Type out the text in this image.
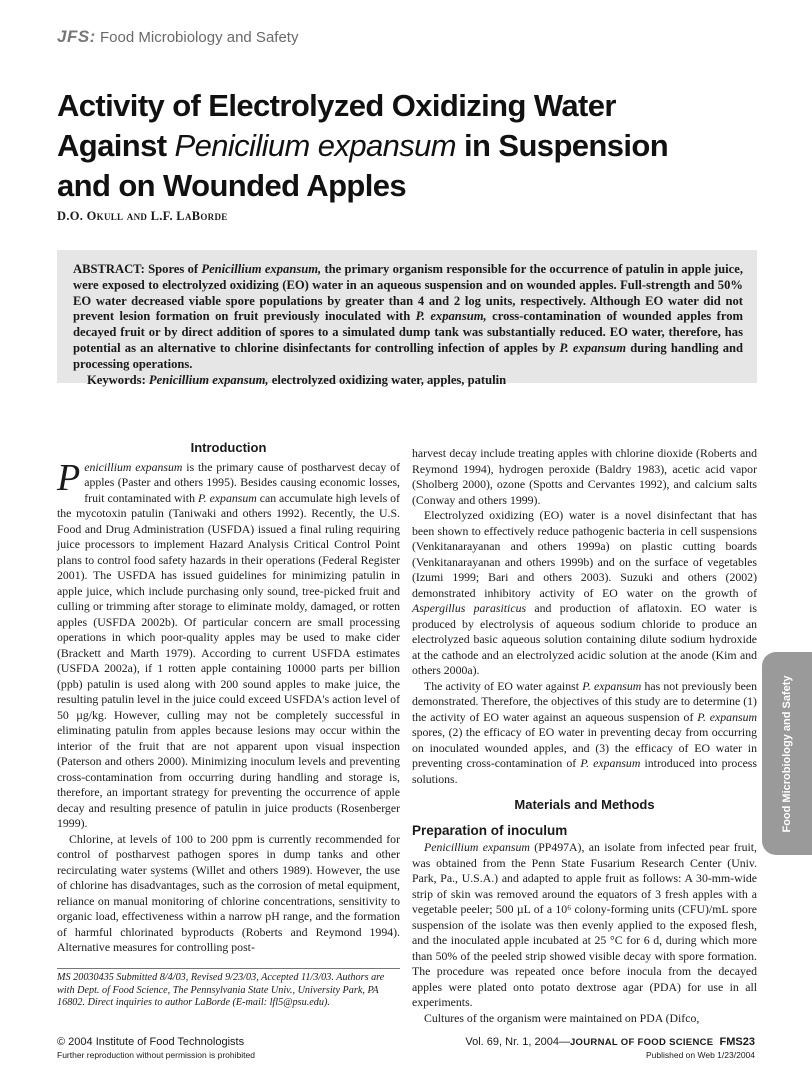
JFS: Food Microbiology and Safety
Activity of Electrolyzed Oxidizing Water Against Penicilium expansum in Suspension and on Wounded Apples
D.O. Okull and L.F. LaBorde

ABSTRACT: Spores of Penicillium expansum, the primary organism responsible for the occurrence of patulin in apple juice, were exposed to electrolyzed oxidizing (EO) water in an aqueous suspension and on wounded apples. Full-strength and 50% EO water decreased viable spore populations by greater than 4 and 2 log units, respectively. Although EO water did not prevent lesion formation on fruit previously inoculated with P. expansum, cross-contamination of wounded apples from decayed fruit or by direct addition of spores to a simulated dump tank was substantially reduced. EO water, therefore, has potential as an alternative to chlorine disinfectants for controlling infection of apples by P. expansum during handling and processing operations.

Keywords: Penicillium expansum, electrolyzed oxidizing water, apples, patulin
Introduction

Penicillium expansum is the primary cause of postharvest decay of apples (Paster and others 1995). Besides causing economic losses, fruit contaminated with P. expansum can accumulate high levels of the mycotoxin patulin (Taniwaki and others 1992). Recently, the U.S. Food and Drug Administration (USFDA) issued a final ruling requiring juice processors to implement Hazard Analysis Critical Control Point plans to control food safety hazards in their operations (Federal Register 2001). The USFDA has issued guidelines for minimizing patulin in apple juice, which include purchasing only sound, tree-picked fruit and culling or trimming after storage to eliminate moldy, damaged, or rotten apples (USFDA 2002b). Of particular concern are small processing operations in which poor-quality apples may be used to make cider (Brackett and Marth 1979). According to current USFDA estimates (USFDA 2002a), if 1 rotten apple containing 10000 parts per billion (ppb) patulin is used along with 200 sound apples to make juice, the resulting patulin level in the juice could exceed USFDA's action level of 50 µg/kg. However, culling may not be completely successful in eliminating patulin from apples because lesions may occur within the interior of the fruit that are not apparent upon visual inspection (Paterson and others 2000). Minimizing inoculum levels and preventing cross-contamination from occurring during handling and storage is, therefore, an important strategy for preventing the occurrence of apple decay and resulting presence of patulin in juice products (Rosenberger 1999).

Chlorine, at levels of 100 to 200 ppm is currently recommended for control of postharvest pathogen spores in dump tanks and other recirculating water systems (Willet and others 1989). However, the use of chlorine has disadvantages, such as the corrosion of metal equipment, reliance on manual monitoring of chlorine concentrations, sensitivity to organic load, effectiveness within a narrow pH range, and the formation of harmful chlorinated byproducts (Roberts and Reymond 1994). Alternative measures for controlling post-

MS 20030435 Submitted 8/4/03, Revised 9/23/03, Accepted 11/3/03. Authors are with Dept. of Food Science, The Pennsylvania State Univ., University Park, PA 16802. Direct inquiries to author LaBorde (E-mail: lfl5@psu.edu).

harvest decay include treating apples with chlorine dioxide (Roberts and Reymond 1994), hydrogen peroxide (Baldry 1983), acetic acid vapor (Sholberg 2000), ozone (Spotts and Cervantes 1992), and calcium salts (Conway and others 1999).

Electrolyzed oxidizing (EO) water is a novel disinfectant that has been shown to effectively reduce pathogenic bacteria in cell suspensions (Venkitanarayanan and others 1999a) on plastic cutting boards (Venkitanarayanan and others 1999b) and on the surface of vegetables (Izumi 1999; Bari and others 2003). Suzuki and others (2002) demonstrated inhibitory activity of EO water on the growth of Aspergillus parasiticus and production of aflatoxin. EO water is produced by electrolysis of aqueous sodium chloride to produce an electrolyzed basic aqueous solution containing dilute sodium hydroxide at the cathode and an electrolyzed acidic solution at the anode (Kim and others 2000a).

The activity of EO water against P. expansum has not previously been demonstrated. Therefore, the objectives of this study are to determine (1) the activity of EO water against an aqueous suspension of P. expansum spores, (2) the efficacy of EO water in preventing decay from occurring on inoculated wounded apples, and (3) the efficacy of EO water in preventing cross-contamination of P. expansum introduced into process solutions.

Materials and Methods
Preparation of inoculum

Penicillium expansum (PP497A), an isolate from infected pear fruit, was obtained from the Penn State Fusarium Research Center (Univ. Park, Pa., U.S.A.) and adapted to apple fruit as follows: A 30-mm-wide strip of skin was removed around the equators of 3 fresh apples with a vegetable peeler; 500 µL of a 10⁶ colony-forming units (CFU)/mL spore suspension of the isolate was then evenly applied to the exposed flesh, and the inoculated apple incubated at 25 °C for 6 d, during which more than 50% of the peeled strip showed visible decay with spore formation. The procedure was repeated once before inocula from the decayed apples were plated onto potato dextrose agar (PDA) for use in all experiments.

Cultures of the organism were maintained on PDA (Difco,

Food Microbiology and Safety
© 2004 Institute of Food Technologists
Further reproduction without permission is prohibited
Vol. 69, Nr. 1, 2004—JOURNAL OF FOOD SCIENCE FMS23
Published on Web 1/23/2004
